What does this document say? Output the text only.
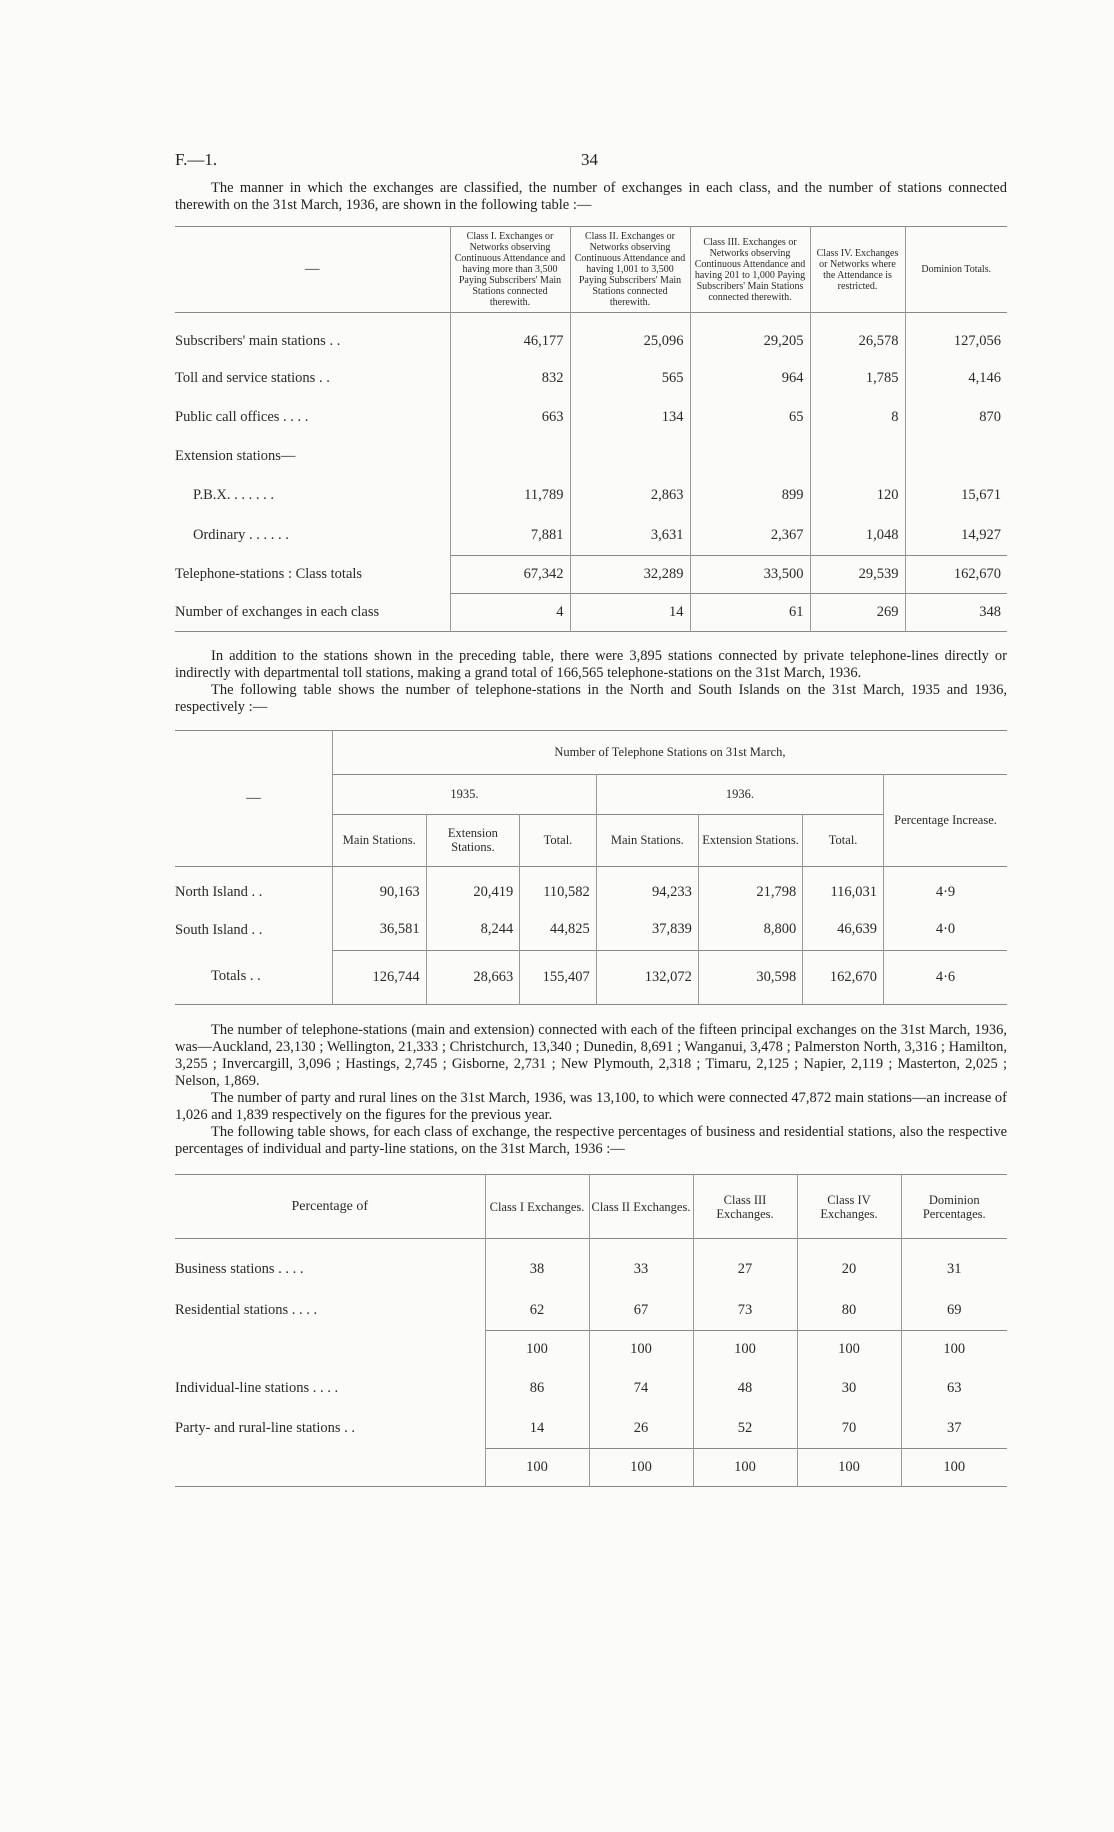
F.—1.	34

The manner in which the exchanges are classified, the number of exchanges in each class, and the number of stations connected therewith on the 31st March, 1936, are shown in the following table :—

—	Class I. Exchanges or Networks observing Continuous Attendance and having more than 3,500 Paying Subscribers' Main Stations connected therewith.	Class II. Exchanges or Networks observing Continuous Attendance and having 1,001 to 3,500 Paying Subscribers' Main Stations connected therewith.	Class III. Exchanges or Networks observing Continuous Attendance and having 201 to 1,000 Paying Subscribers' Main Stations connected therewith.	Class IV. Exchanges or Networks where the Attendance is restricted.	Dominion Totals.
Subscribers' main stations . .	46,177	25,096	29,205	26,578	127,056
Toll and service stations . .	832	565	964	1,785	4,146
Public call offices . . . .	663	134	65	8	870
Extension stations—					
P.B.X. . . . . . .	11,789	2,863	899	120	15,671
Ordinary . . . . . .	7,881	3,631	2,367	1,048	14,927
Telephone-stations : Class totals	67,342	32,289	33,500	29,539	162,670
Number of exchanges in each class	4	14	61	269	348

In addition to the stations shown in the preceding table, there were 3,895 stations connected by private telephone-lines directly or indirectly with departmental toll stations, making a grand total of 166,565 telephone-stations on the 31st March, 1936.

The following table shows the number of telephone-stations in the North and South Islands on the 31st March, 1935 and 1936, respectively :—

—	Number of Telephone Stations on 31st March,						
	1935.			1936.			Percentage Increase.
	Main Stations.	Extension Stations.	Total.	Main Stations.	Extension Stations.	Total.	
North Island . .	90,163	20,419	110,582	94,233	21,798	116,031	4·9
South Island . .	36,581	8,244	44,825	37,839	8,800	46,639	4·0
Totals . .	126,744	28,663	155,407	132,072	30,598	162,670	4·6

The number of telephone-stations (main and extension) connected with each of the fifteen principal exchanges on the 31st March, 1936, was—Auckland, 23,130 ; Wellington, 21,333 ; Christchurch, 13,340 ; Dunedin, 8,691 ; Wanganui, 3,478 ; Palmerston North, 3,316 ; Hamilton, 3,255 ; Invercargill, 3,096 ; Hastings, 2,745 ; Gisborne, 2,731 ; New Plymouth, 2,318 ; Timaru, 2,125 ; Napier, 2,119 ; Masterton, 2,025 ; Nelson, 1,869.

The number of party and rural lines on the 31st March, 1936, was 13,100, to which were connected 47,872 main stations—an increase of 1,026 and 1,839 respectively on the figures for the previous year.

The following table shows, for each class of exchange, the respective percentages of business and residential stations, also the respective percentages of individual and party-line stations, on the 31st March, 1936 :—

Percentage of	Class I Exchanges.	Class II Exchanges.	Class III Exchanges.	Class IV Exchanges.	Dominion Percentages.
Business stations . . . .	38	33	27	20	31
Residential stations . . . .	62	67	73	80	69
	100	100	100	100	100
Individual-line stations . . . .	86	74	48	30	63
Party- and rural-line stations . .	14	26	52	70	37
	100	100	100	100	100
